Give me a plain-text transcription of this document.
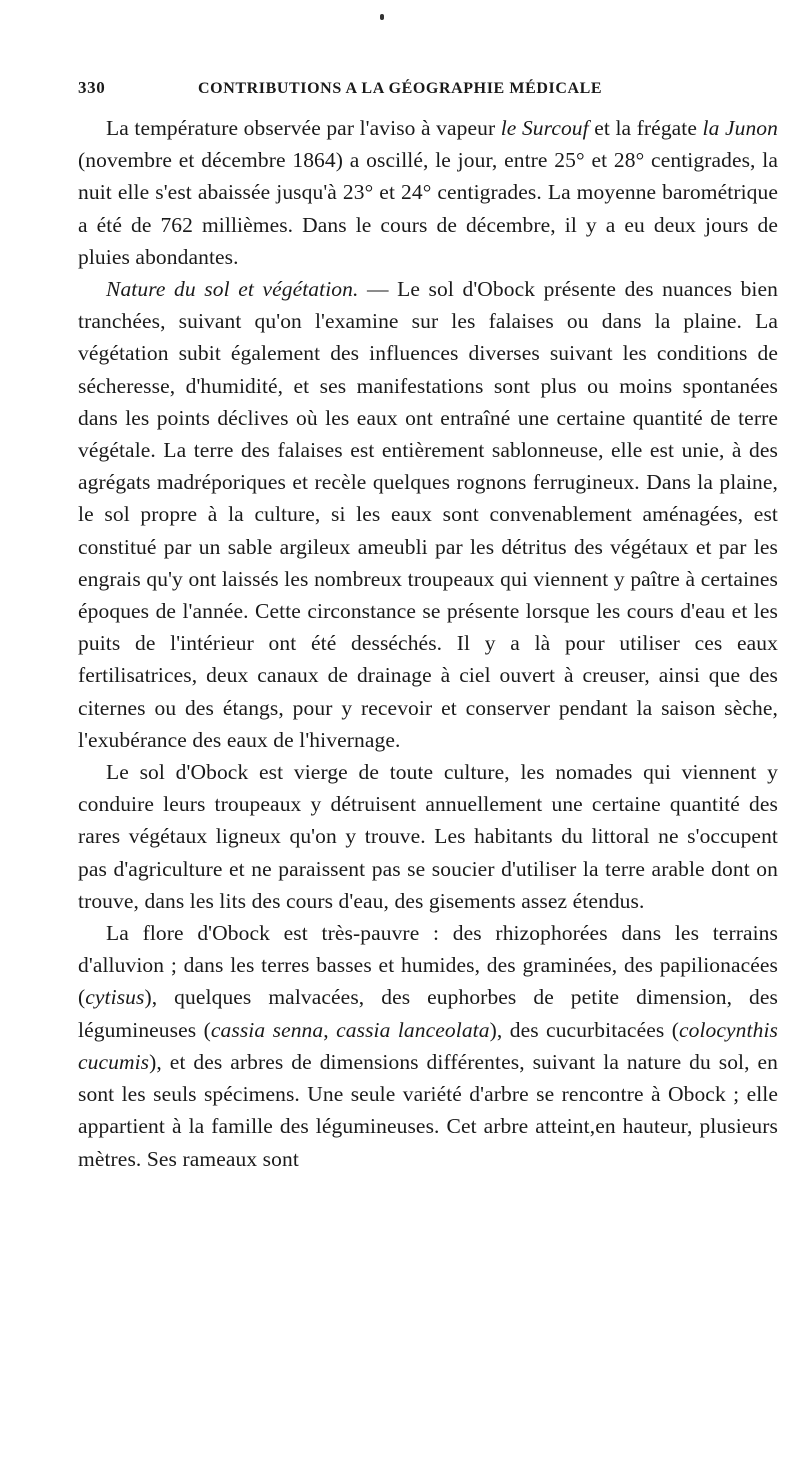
330	CONTRIBUTIONS A LA GÉOGRAPHIE MÉDICALE

La température observée par l'aviso à vapeur le Surcouf et la frégate la Junon (novembre et décembre 1864) a oscillé, le jour, entre 25° et 28° centigrades, la nuit elle s'est abaissée jusqu'à 23° et 24° centigrades. La moyenne barométrique a été de 762 millièmes. Dans le cours de décembre, il y a eu deux jours de pluies abondantes.

Nature du sol et végétation. — Le sol d'Obock présente des nuances bien tranchées, suivant qu'on l'examine sur les falaises ou dans la plaine. La végétation subit également des influences diverses suivant les conditions de sécheresse, d'humidité, et ses manifestations sont plus ou moins spontanées dans les points déclives où les eaux ont entraîné une certaine quantité de terre végétale. La terre des falaises est entièrement sablonneuse, elle est unie, à des agrégats madréporiques et recèle quelques rognons ferrugineux. Dans la plaine, le sol propre à la culture, si les eaux sont convenablement aménagées, est constitué par un sable argileux ameubli par les détritus des végétaux et par les engrais qu'y ont laissés les nombreux troupeaux qui viennent y paître à certaines époques de l'année. Cette circonstance se présente lorsque les cours d'eau et les puits de l'intérieur ont été desséchés. Il y a là pour utiliser ces eaux fertilisatrices, deux canaux de drainage à ciel ouvert à creuser, ainsi que des citernes ou des étangs, pour y recevoir et conserver pendant la saison sèche, l'exubérance des eaux de l'hivernage.

Le sol d'Obock est vierge de toute culture, les nomades qui viennent y conduire leurs troupeaux y détruisent annuellement une certaine quantité des rares végétaux ligneux qu'on y trouve. Les habitants du littoral ne s'occupent pas d'agriculture et ne paraissent pas se soucier d'utiliser la terre arable dont on trouve, dans les lits des cours d'eau, des gisements assez étendus.

La flore d'Obock est très-pauvre : des rhizophorées dans les terrains d'alluvion ; dans les terres basses et humides, des graminées, des papilionacées (cytisus), quelques malvacées, des euphorbes de petite dimension, des légumineuses (cassia senna, cassia lanceolata), des cucurbitacées (colocynthis cucumis), et des arbres de dimensions différentes, suivant la nature du sol, en sont les seuls spécimens. Une seule variété d'arbre se rencontre à Obock ; elle appartient à la famille des légumineuses. Cet arbre atteint,en hauteur, plusieurs mètres. Ses rameaux sont
